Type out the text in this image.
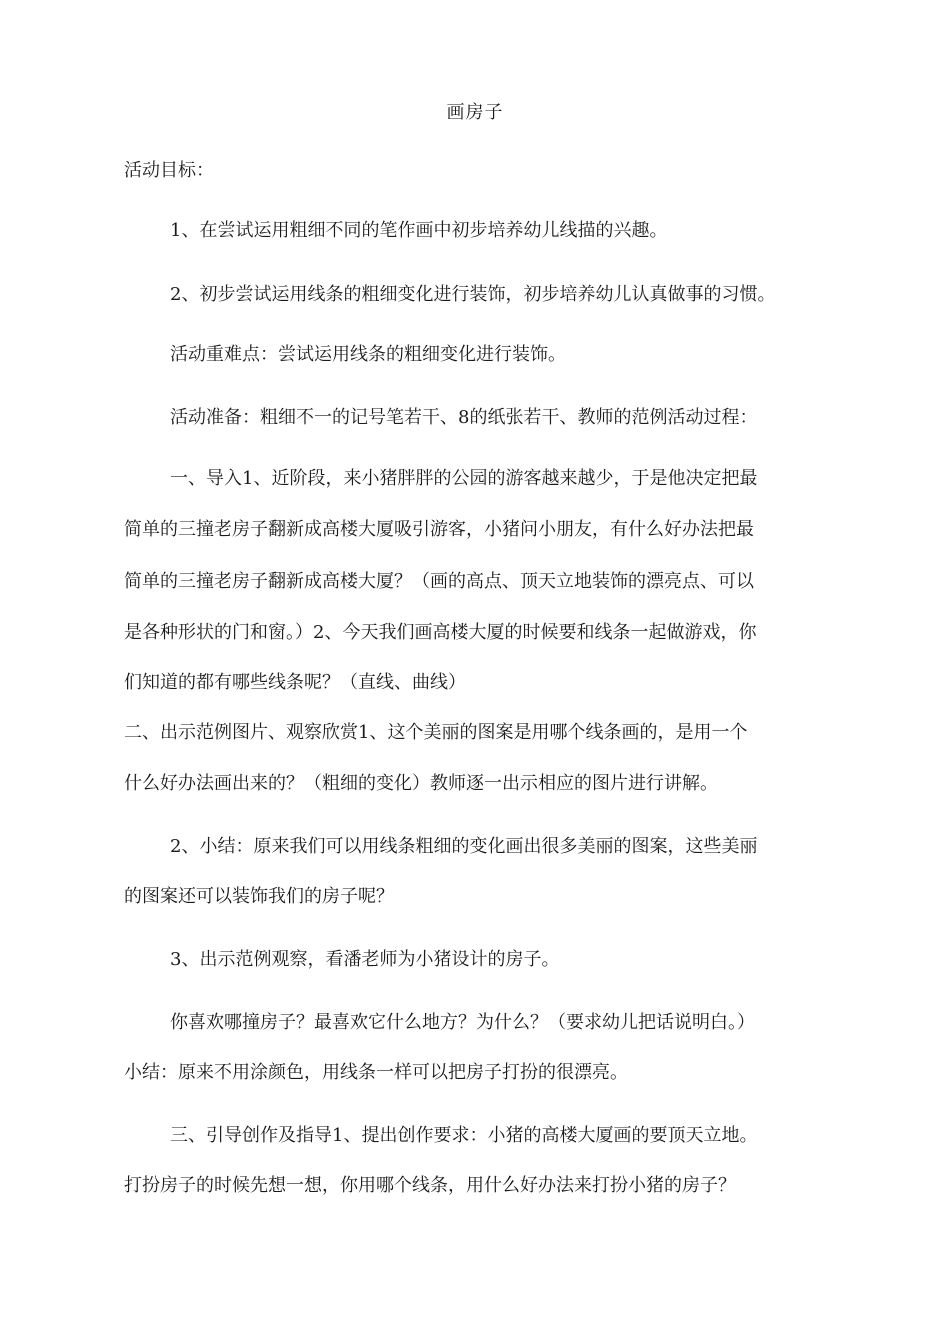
画房子
活动目标：
1、在尝试运用粗细不同的笔作画中初步培养幼儿线描的兴趣。
2、初步尝试运用线条的粗细变化进行装饰，初步培养幼儿认真做事的习惯。
活动重难点：尝试运用线条的粗细变化进行装饰。
活动准备：粗细不一的记号笔若干、8的纸张若干、教师的范例活动过程：
一、导入1、近阶段，来小猪胖胖的公园的游客越来越少，于是他决定把最
简单的三撞老房子翻新成高楼大厦吸引游客，小猪问小朋友，有什么好办法把最
简单的三撞老房子翻新成高楼大厦？（画的高点、顶天立地装饰的漂亮点、可以
是各种形状的门和窗。）2、今天我们画高楼大厦的时候要和线条一起做游戏，你
们知道的都有哪些线条呢？（直线、曲线）
二、出示范例图片、观察欣赏1、这个美丽的图案是用哪个线条画的，是用一个
什么好办法画出来的？（粗细的变化）教师逐一出示相应的图片进行讲解。
2、小结：原来我们可以用线条粗细的变化画出很多美丽的图案，这些美丽
的图案还可以装饰我们的房子呢？
3、出示范例观察，看潘老师为小猪设计的房子。
你喜欢哪撞房子？最喜欢它什么地方？为什么？（要求幼儿把话说明白。）
小结：原来不用涂颜色，用线条一样可以把房子打扮的很漂亮。
三、引导创作及指导1、提出创作要求：小猪的高楼大厦画的要顶天立地。
打扮房子的时候先想一想，你用哪个线条，用什么好办法来打扮小猪的房子？
